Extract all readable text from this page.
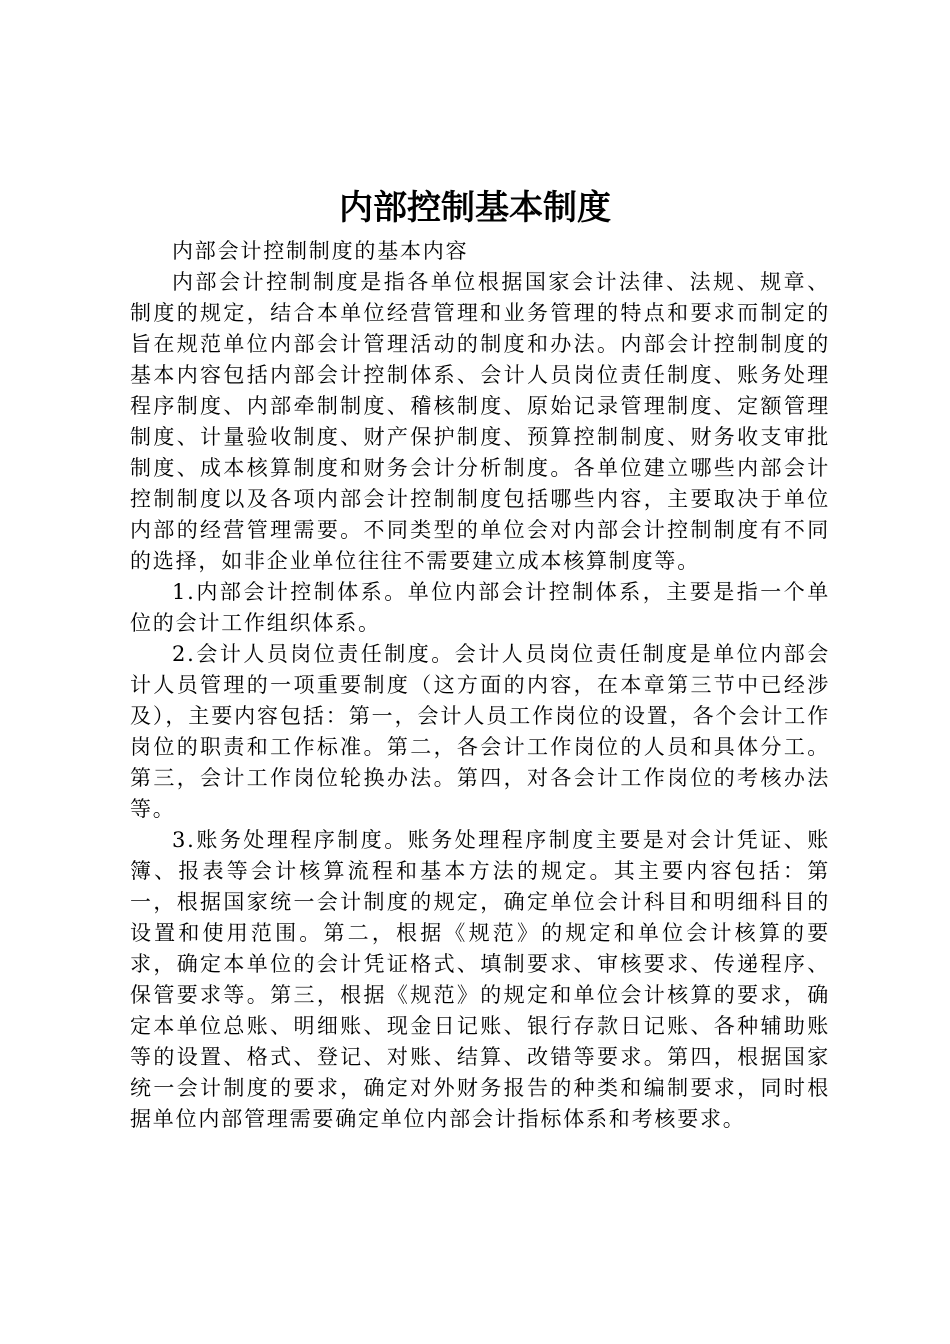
内部控制基本制度

内部会计控制制度的基本内容

内部会计控制制度是指各单位根据国家会计法律、法规、规章、制度的规定，结合本单位经营管理和业务管理的特点和要求而制定的旨在规范单位内部会计管理活动的制度和办法。内部会计控制制度的基本内容包括内部会计控制体系、会计人员岗位责任制度、账务处理程序制度、内部牵制制度、稽核制度、原始记录管理制度、定额管理制度、计量验收制度、财产保护制度、预算控制制度、财务收支审批制度、成本核算制度和财务会计分析制度。各单位建立哪些内部会计控制制度以及各项内部会计控制制度包括哪些内容，主要取决于单位内部的经营管理需要。不同类型的单位会对内部会计控制制度有不同的选择，如非企业单位往往不需要建立成本核算制度等。

1.内部会计控制体系。单位内部会计控制体系，主要是指一个单位的会计工作组织体系。

2.会计人员岗位责任制度。会计人员岗位责任制度是单位内部会计人员管理的一项重要制度（这方面的内容，在本章第三节中已经涉及），主要内容包括：第一，会计人员工作岗位的设置，各个会计工作岗位的职责和工作标准。第二，各会计工作岗位的人员和具体分工。第三，会计工作岗位轮换办法。第四，对各会计工作岗位的考核办法等。

3.账务处理程序制度。账务处理程序制度主要是对会计凭证、账簿、报表等会计核算流程和基本方法的规定。其主要内容包括：第一，根据国家统一会计制度的规定，确定单位会计科目和明细科目的设置和使用范围。第二，根据《规范》的规定和单位会计核算的要求，确定本单位的会计凭证格式、填制要求、审核要求、传递程序、保管要求等。第三，根据《规范》的规定和单位会计核算的要求，确定本单位总账、明细账、现金日记账、银行存款日记账、各种辅助账等的设置、格式、登记、对账、结算、改错等要求。第四，根据国家统一会计制度的要求，确定对外财务报告的种类和编制要求，同时根据单位内部管理需要确定单位内部会计指标体系和考核要求。
